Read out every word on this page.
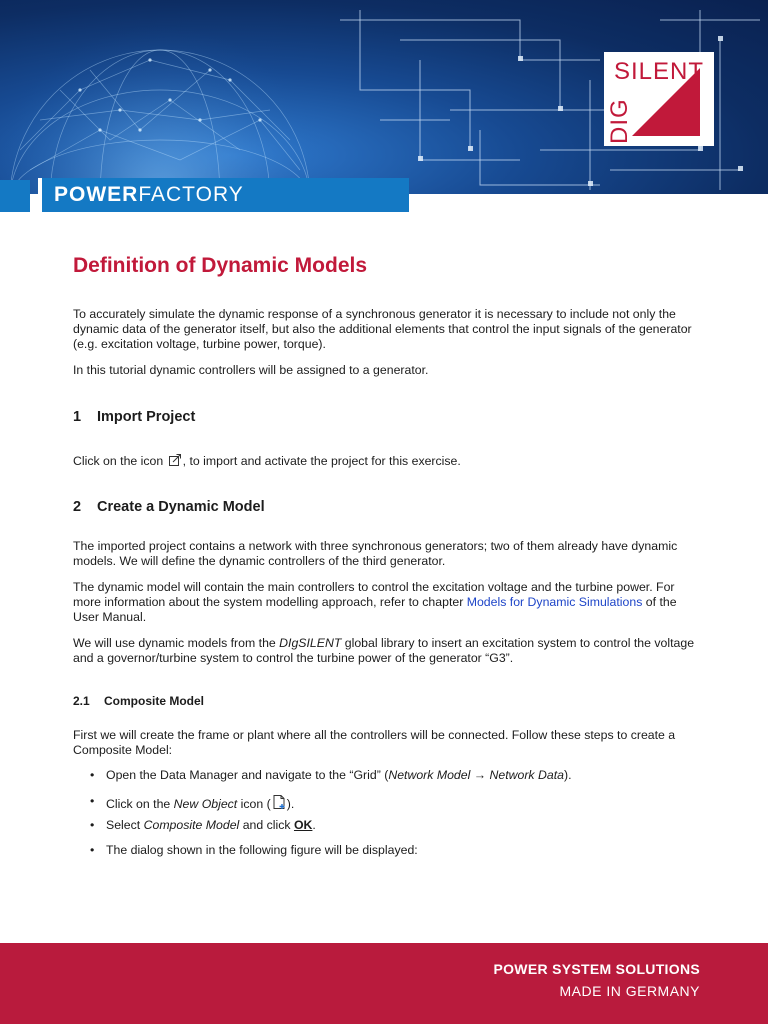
POWERFACTORY
SILENT
DIG
Definition of Dynamic Models

To accurately simulate the dynamic response of a synchronous generator it is necessary to include not only the dynamic data of the generator itself, but also the additional elements that control the input signals of the generator (e.g. excitation voltage, turbine power, torque).

In this tutorial dynamic controllers will be assigned to a generator.

1 Import Project

Click on the icon , to import and activate the project for this exercise.

2 Create a Dynamic Model

The imported project contains a network with three synchronous generators; two of them already have dynamic models. We will define the dynamic controllers of the third generator.

The dynamic model will contain the main controllers to control the excitation voltage and the turbine power. For more information about the system modelling approach, refer to chapter Models for Dynamic Simulations of the User Manual.

We will use dynamic models from the DIgSILENT global library to insert an excitation system to control the voltage and a governor/turbine system to control the turbine power of the generator “G3”.

2.1 Composite Model

First we will create the frame or plant where all the controllers will be connected. Follow these steps to create a Composite Model:

• Open the Data Manager and navigate to the “Grid” (Network Model → Network Data).
• Click on the New Object icon ( ).
• Select Composite Model and click OK.
• The dialog shown in the following figure will be displayed:
POWER SYSTEM SOLUTIONS
MADE IN GERMANY
